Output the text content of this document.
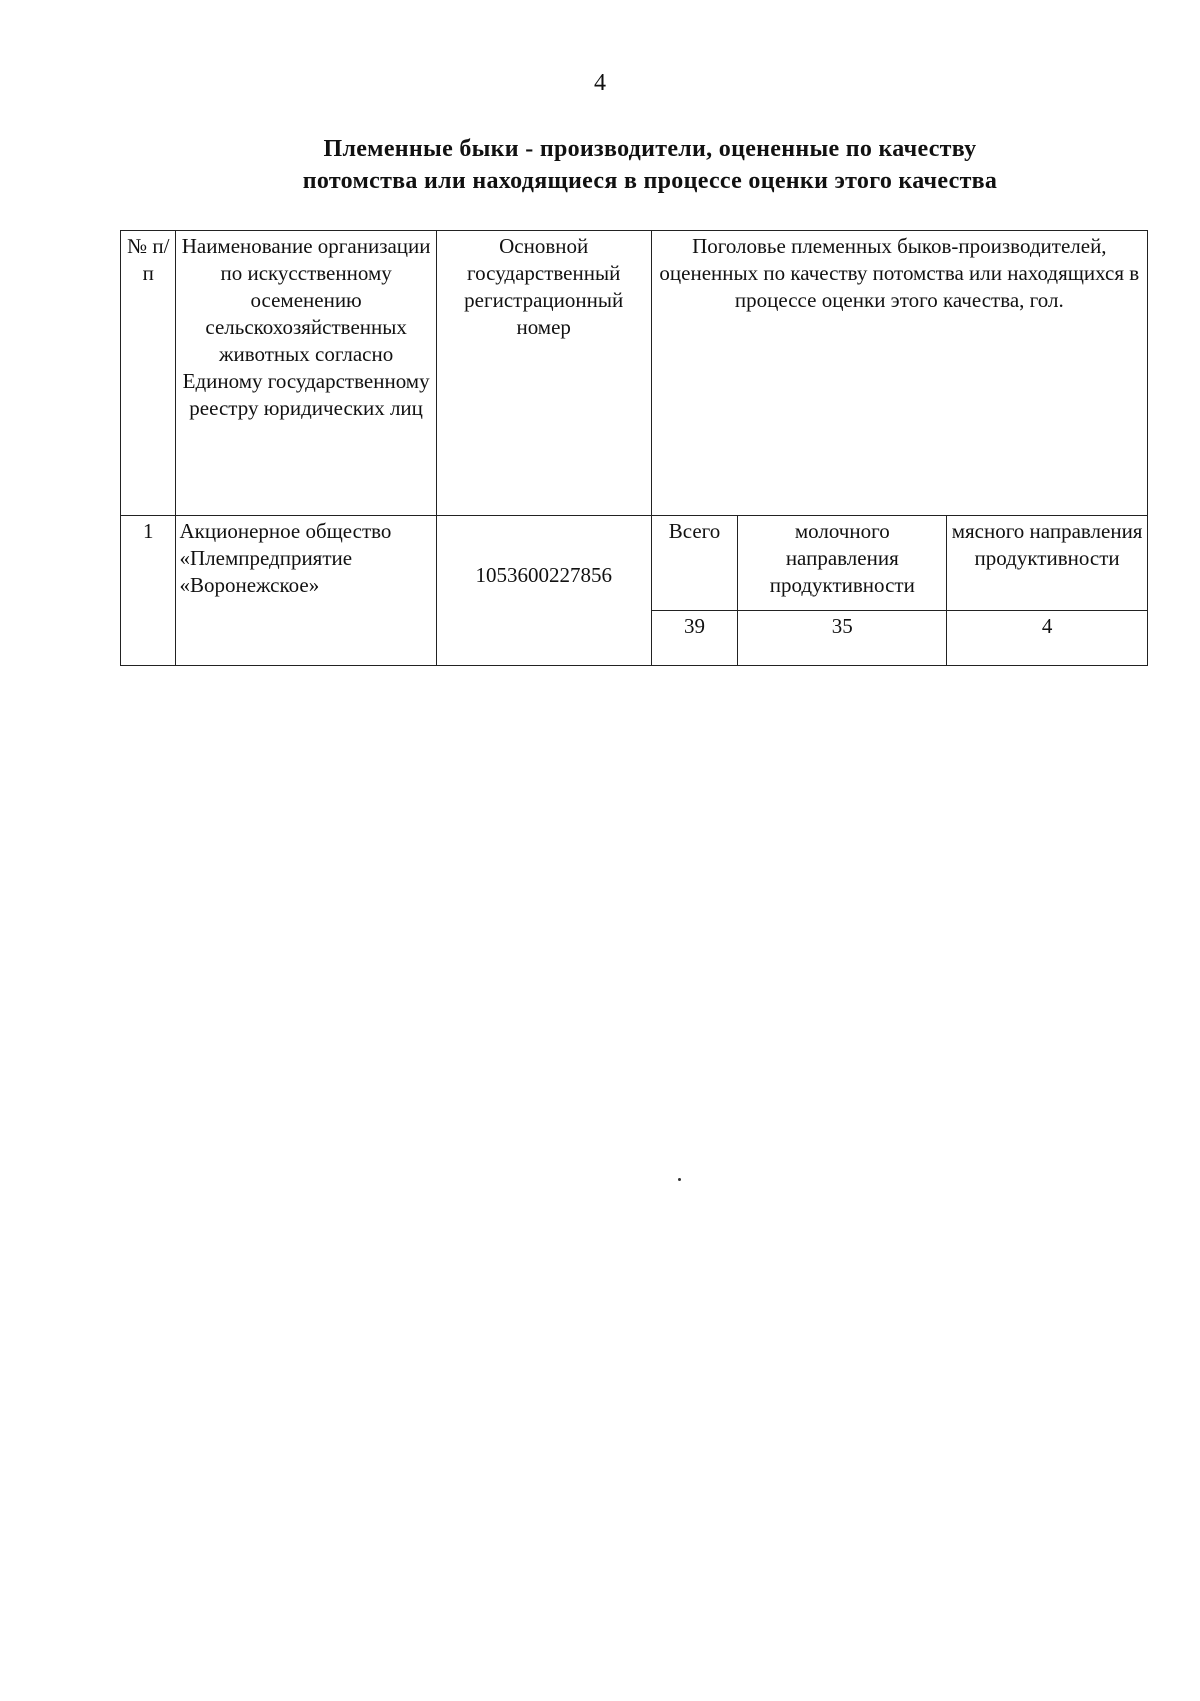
4
Племенные быки - производители, оцененные по качеству
потомства или находящиеся в процессе оценки этого качества
№ п/п	Наименование организации по искусственному осеменению сельскохозяйственных животных согласно Единому государственному реестру юридических лиц	Основной государственный регистрационный номер	Поголовье племенных быков-производителей, оцененных по качеству потомства или находящихся в процессе оценки этого качества, гол.		
1	Акционерное общество «Племпредприятие «Воронежское»	1053600227856	Всего	молочного направления продуктивности	мясного направления продуктивности
			39	35	4
